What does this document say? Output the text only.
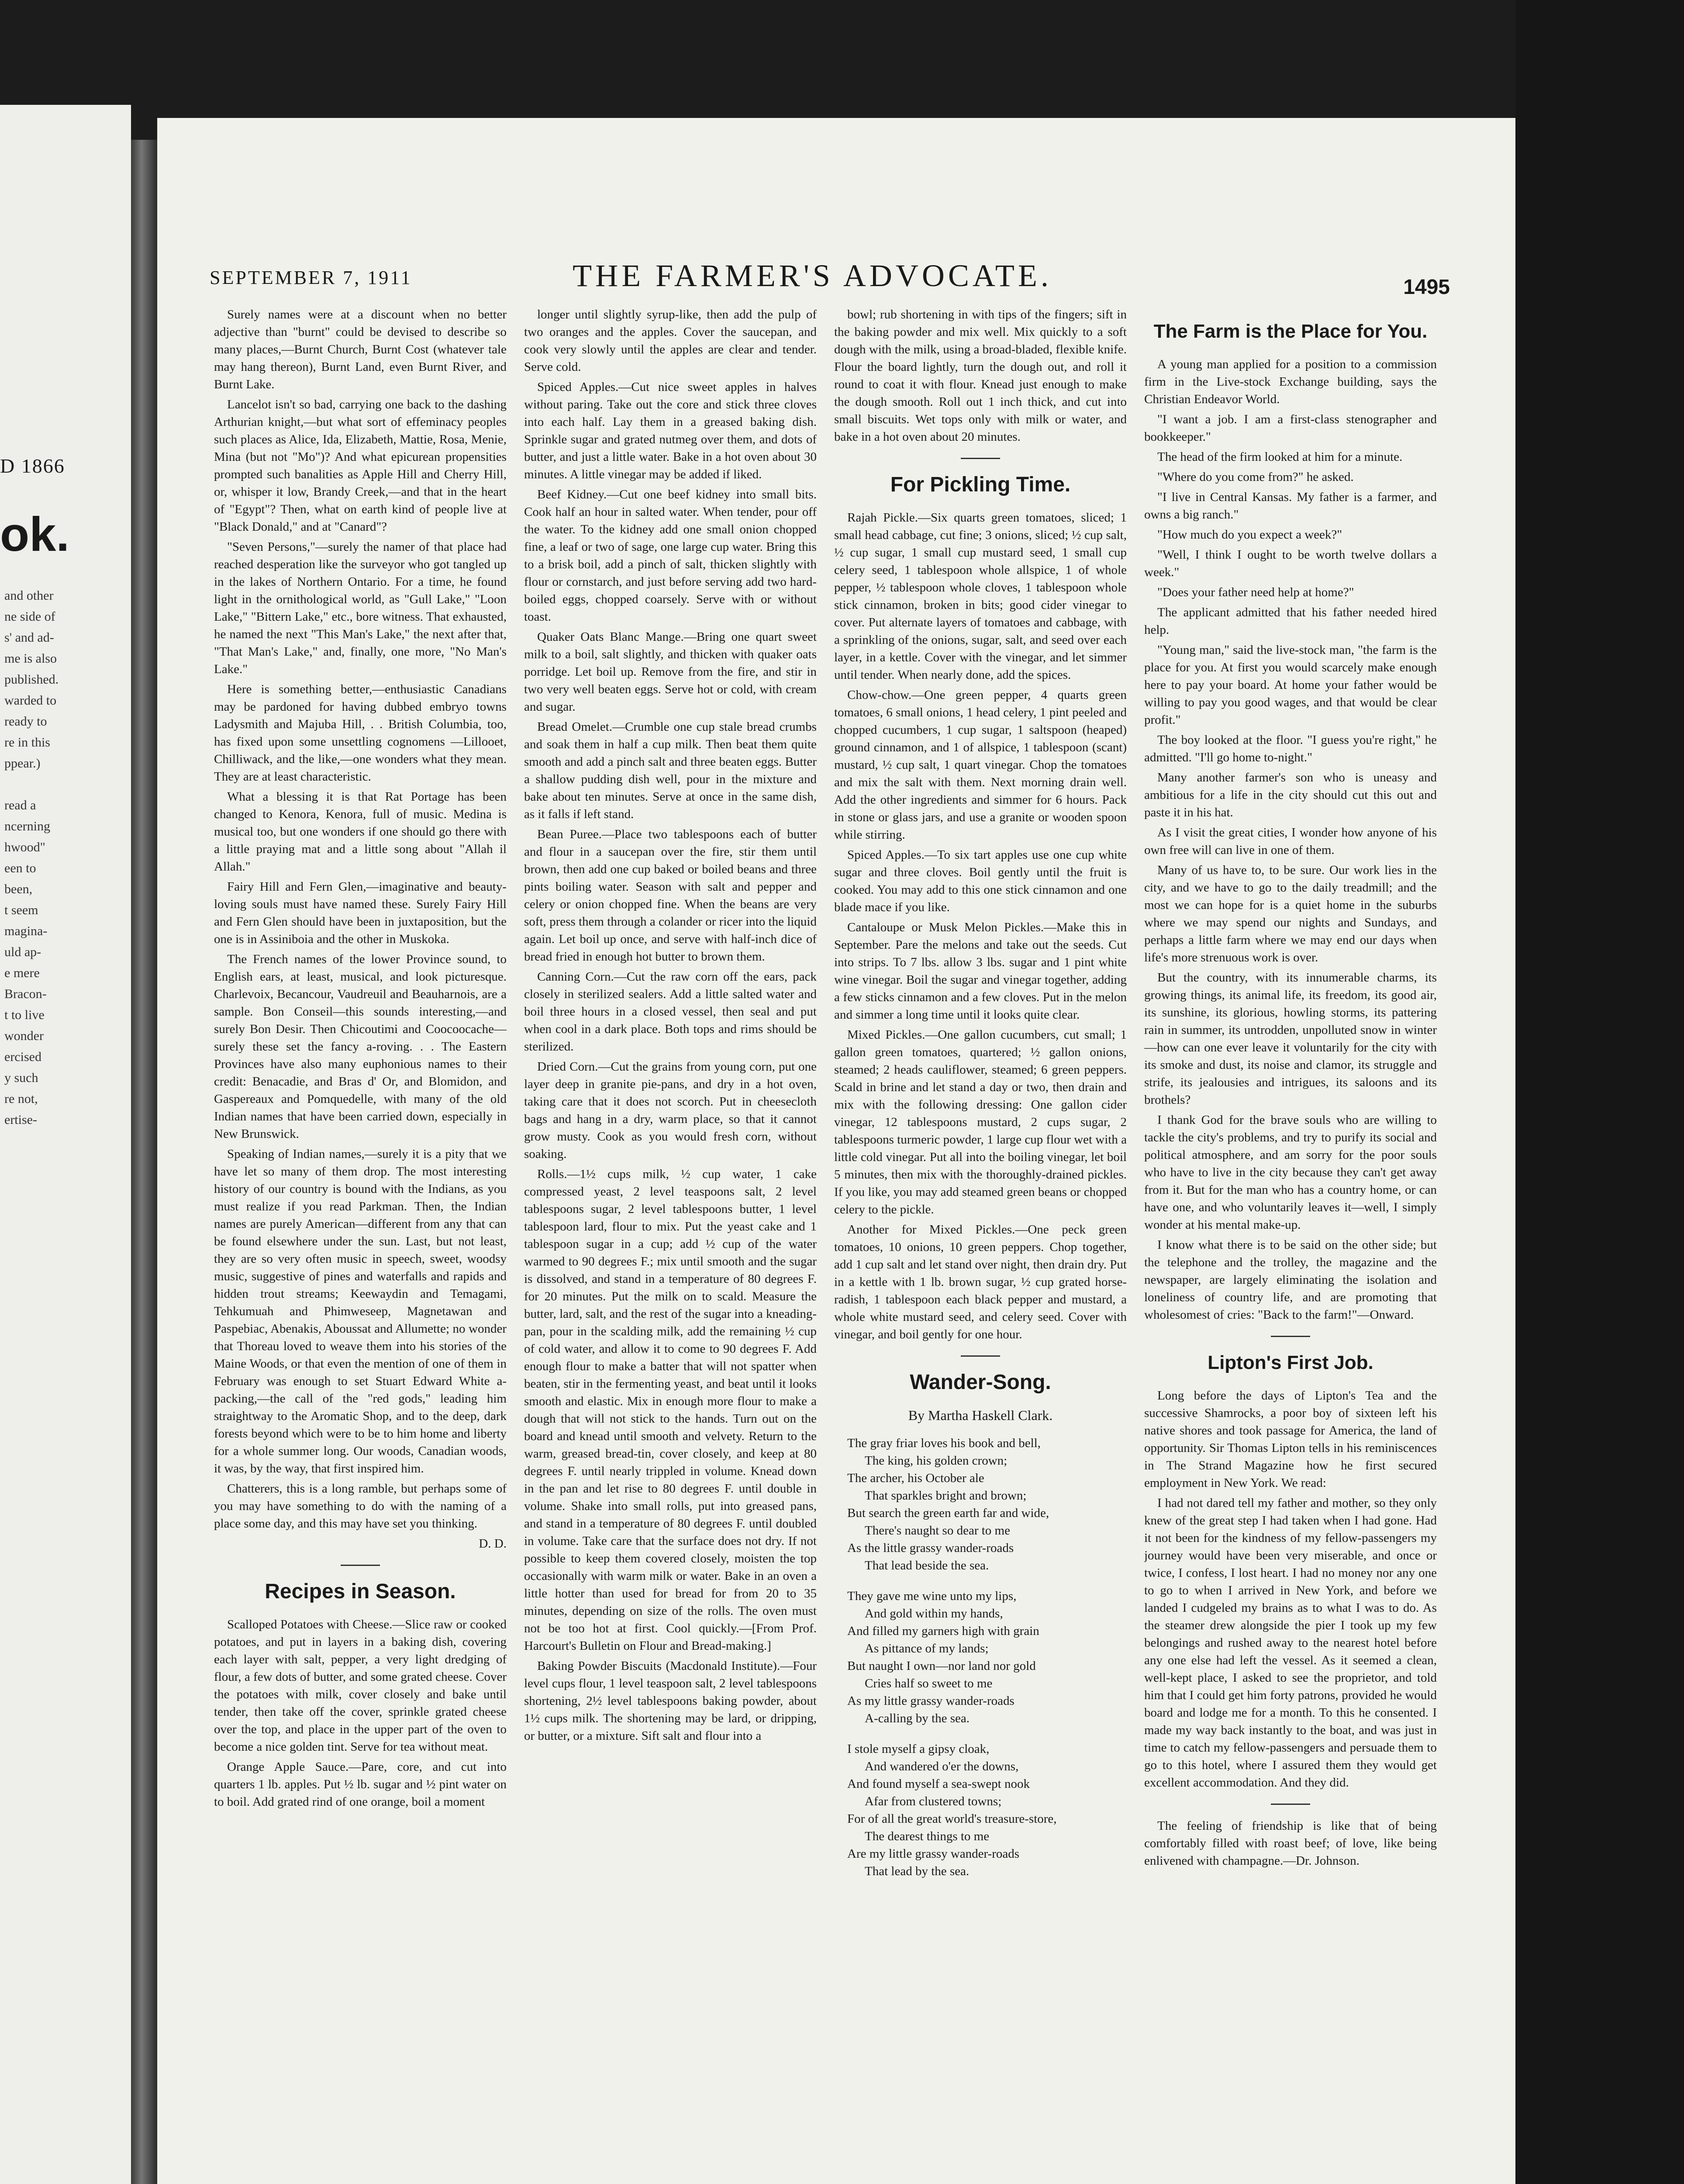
D 1866
ok.
and other
ne side of
s' and ad-
me is also
published.
warded to
ready to
re in this
ppear.)

read a
ncerning
hwood"
een to
been,
t seem
magina-
uld ap-
e mere
Bracon-
t to live
wonder
ercised
y such
re not,
ertise-
SEPTEMBER 7, 1911	THE FARMER'S ADVOCATE.	1495

Surely names were at a discount when no better adjective than "burnt" could be devised to describe so many places,—Burnt Church, Burnt Cost (whatever tale may hang thereon), Burnt Land, even Burnt River, and Burnt Lake.

Lancelot isn't so bad, carrying one back to the dashing Arthurian knight,—but what sort of effeminacy peoples such places as Alice, Ida, Elizabeth, Mattie, Rosa, Menie, Mina (but not "Mo")? And what epicurean propensities prompted such banalities as Apple Hill and Cherry Hill, or, whisper it low, Brandy Creek,—and that in the heart of "Egypt"? Then, what on earth kind of people live at "Black Donald," and at "Canard"?

"Seven Persons,"—surely the namer of that place had reached desperation like the surveyor who got tangled up in the lakes of Northern Ontario. For a time, he found light in the ornithological world, as "Gull Lake," "Loon Lake," "Bittern Lake," etc., bore witness. That exhausted, he named the next "This Man's Lake," the next after that, "That Man's Lake," and, finally, one more, "No Man's Lake."

Here is something better,—enthusiastic Canadians may be pardoned for having dubbed embryo towns Ladysmith and Majuba Hill, . . British Columbia, too, has fixed upon some unsettling cognomens —Lillooet, Chilliwack, and the like,—one wonders what they mean. They are at least characteristic.

What a blessing it is that Rat Portage has been changed to Kenora, Kenora, full of music. Medina is musical too, but one wonders if one should go there with a little praying mat and a little song about "Allah il Allah."

Fairy Hill and Fern Glen,—imaginative and beauty-loving souls must have named these. Surely Fairy Hill and Fern Glen should have been in juxtaposition, but the one is in Assiniboia and the other in Muskoka.

The French names of the lower Province sound, to English ears, at least, musical, and look picturesque. Charlevoix, Becancour, Vaudreuil and Beauharnois, are a sample. Bon Conseil—this sounds interesting,—and surely Bon Desir. Then Chicoutimi and Coocoocache—surely these set the fancy a-roving. . . The Eastern Provinces have also many euphonious names to their credit: Benacadie, and Bras d' Or, and Blomidon, and Gaspereaux and Pomquedelle, with many of the old Indian names that have been carried down, especially in New Brunswick.

Speaking of Indian names,—surely it is a pity that we have let so many of them drop. The most interesting history of our country is bound with the Indians, as you must realize if you read Parkman. Then, the Indian names are purely American—different from any that can be found elsewhere under the sun. Last, but not least, they are so very often music in speech, sweet, woodsy music, suggestive of pines and waterfalls and rapids and hidden trout streams; Keewaydin and Temagami, Tehkumuah and Phimweseep, Magnetawan and Paspebiac, Abenakis, Aboussat and Allumette; no wonder that Thoreau loved to weave them into his stories of the Maine Woods, or that even the mention of one of them in February was enough to set Stuart Edward White a-packing,—the call of the "red gods," leading him straightway to the Aromatic Shop, and to the deep, dark forests beyond which were to be to him home and liberty for a whole summer long. Our woods, Canadian woods, it was, by the way, that first inspired him.

Chatterers, this is a long ramble, but perhaps some of you may have something to do with the naming of a place some day, and this may have set you thinking.

D. D.
Recipes in Season.

Scalloped Potatoes with Cheese.—Slice raw or cooked potatoes, and put in layers in a baking dish, covering each layer with salt, pepper, a very light dredging of flour, a few dots of butter, and some grated cheese. Cover the potatoes with milk, cover closely and bake until tender, then take off the cover, sprinkle grated cheese over the top, and place in the upper part of the oven to become a nice golden tint. Serve for tea without meat.

Orange Apple Sauce.—Pare, core, and cut into quarters 1 lb. apples. Put ½ lb. sugar and ½ pint water on to boil. Add grated rind of one orange, boil a moment

longer until slightly syrup-like, then add the pulp of two oranges and the apples. Cover the saucepan, and cook very slowly until the apples are clear and tender. Serve cold.

Spiced Apples.—Cut nice sweet apples in halves without paring. Take out the core and stick three cloves into each half. Lay them in a greased baking dish. Sprinkle sugar and grated nutmeg over them, and dots of butter, and just a little water. Bake in a hot oven about 30 minutes. A little vinegar may be added if liked.

Beef Kidney.—Cut one beef kidney into small bits. Cook half an hour in salted water. When tender, pour off the water. To the kidney add one small onion chopped fine, a leaf or two of sage, one large cup water. Bring this to a brisk boil, add a pinch of salt, thicken slightly with flour or cornstarch, and just before serving add two hard-boiled eggs, chopped coarsely. Serve with or without toast.

Quaker Oats Blanc Mange.—Bring one quart sweet milk to a boil, salt slightly, and thicken with quaker oats porridge. Let boil up. Remove from the fire, and stir in two very well beaten eggs. Serve hot or cold, with cream and sugar.

Bread Omelet.—Crumble one cup stale bread crumbs and soak them in half a cup milk. Then beat them quite smooth and add a pinch salt and three beaten eggs. Butter a shallow pudding dish well, pour in the mixture and bake about ten minutes. Serve at once in the same dish, as it falls if left stand.

Bean Puree.—Place two tablespoons each of butter and flour in a saucepan over the fire, stir them until brown, then add one cup baked or boiled beans and three pints boiling water. Season with salt and pepper and celery or onion chopped fine. When the beans are very soft, press them through a colander or ricer into the liquid again. Let boil up once, and serve with half-inch dice of bread fried in enough hot butter to brown them.

Canning Corn.—Cut the raw corn off the ears, pack closely in sterilized sealers. Add a little salted water and boil three hours in a closed vessel, then seal and put when cool in a dark place. Both tops and rims should be sterilized.

Dried Corn.—Cut the grains from young corn, put one layer deep in granite pie-pans, and dry in a hot oven, taking care that it does not scorch. Put in cheesecloth bags and hang in a dry, warm place, so that it cannot grow musty. Cook as you would fresh corn, without soaking.

Rolls.—1½ cups milk, ½ cup water, 1 cake compressed yeast, 2 level teaspoons salt, 2 level tablespoons sugar, 2 level tablespoons butter, 1 level tablespoon lard, flour to mix. Put the yeast cake and 1 tablespoon sugar in a cup; add ½ cup of the water warmed to 90 degrees F.; mix until smooth and the sugar is dissolved, and stand in a temperature of 80 degrees F. for 20 minutes. Put the milk on to scald. Measure the butter, lard, salt, and the rest of the sugar into a kneading-pan, pour in the scalding milk, add the remaining ½ cup of cold water, and allow it to come to 90 degrees F. Add enough flour to make a batter that will not spatter when beaten, stir in the fermenting yeast, and beat until it looks smooth and elastic. Mix in enough more flour to make a dough that will not stick to the hands. Turn out on the board and knead until smooth and velvety. Return to the warm, greased bread-tin, cover closely, and keep at 80 degrees F. until nearly trippled in volume. Knead down in the pan and let rise to 80 degrees F. until double in volume. Shake into small rolls, put into greased pans, and stand in a temperature of 80 degrees F. until doubled in volume. Take care that the surface does not dry. If not possible to keep them covered closely, moisten the top occasionally with warm milk or water. Bake in an oven a little hotter than used for bread for from 20 to 35 minutes, depending on size of the rolls. The oven must not be too hot at first. Cool quickly.—[From Prof. Harcourt's Bulletin on Flour and Bread-making.]

Baking Powder Biscuits (Macdonald Institute).—Four level cups flour, 1 level teaspoon salt, 2 level tablespoons shortening, 2½ level tablespoons baking powder, about 1½ cups milk. The shortening may be lard, or dripping, or butter, or a mixture. Sift salt and flour into a

bowl; rub shortening in with tips of the fingers; sift in the baking powder and mix well. Mix quickly to a soft dough with the milk, using a broad-bladed, flexible knife. Flour the board lightly, turn the dough out, and roll it round to coat it with flour. Knead just enough to make the dough smooth. Roll out 1 inch thick, and cut into small biscuits. Wet tops only with milk or water, and bake in a hot oven about 20 minutes.

For Pickling Time.

Rajah Pickle.—Six quarts green tomatoes, sliced; 1 small head cabbage, cut fine; 3 onions, sliced; ½ cup salt, ½ cup sugar, 1 small cup mustard seed, 1 small cup celery seed, 1 tablespoon whole allspice, 1 of whole pepper, ½ tablespoon whole cloves, 1 tablespoon whole stick cinnamon, broken in bits; good cider vinegar to cover. Put alternate layers of tomatoes and cabbage, with a sprinkling of the onions, sugar, salt, and seed over each layer, in a kettle. Cover with the vinegar, and let simmer until tender. When nearly done, add the spices.

Chow-chow.—One green pepper, 4 quarts green tomatoes, 6 small onions, 1 head celery, 1 pint peeled and chopped cucumbers, 1 cup sugar, 1 saltspoon (heaped) ground cinnamon, and 1 of allspice, 1 tablespoon (scant) mustard, ½ cup salt, 1 quart vinegar. Chop the tomatoes and mix the salt with them. Next morning drain well. Add the other ingredients and simmer for 6 hours. Pack in stone or glass jars, and use a granite or wooden spoon while stirring.

Spiced Apples.—To six tart apples use one cup white sugar and three cloves. Boil gently until the fruit is cooked. You may add to this one stick cinnamon and one blade mace if you like.

Cantaloupe or Musk Melon Pickles.—Make this in September. Pare the melons and take out the seeds. Cut into strips. To 7 lbs. allow 3 lbs. sugar and 1 pint white wine vinegar. Boil the sugar and vinegar together, adding a few sticks cinnamon and a few cloves. Put in the melon and simmer a long time until it looks quite clear.

Mixed Pickles.—One gallon cucumbers, cut small; 1 gallon green tomatoes, quartered; ½ gallon onions, steamed; 2 heads cauliflower, steamed; 6 green peppers. Scald in brine and let stand a day or two, then drain and mix with the following dressing: One gallon cider vinegar, 12 tablespoons mustard, 2 cups sugar, 2 tablespoons turmeric powder, 1 large cup flour wet with a little cold vinegar. Put all into the boiling vinegar, let boil 5 minutes, then mix with the thoroughly-drained pickles. If you like, you may add steamed green beans or chopped celery to the pickle.

Another for Mixed Pickles.—One peck green tomatoes, 10 onions, 10 green peppers. Chop together, add 1 cup salt and let stand over night, then drain dry. Put in a kettle with 1 lb. brown sugar, ½ cup grated horse-radish, 1 tablespoon each black pepper and mustard, a whole white mustard seed, and celery seed. Cover with vinegar, and boil gently for one hour.

Wander-Song.
By Martha Haskell Clark.
The gray friar loves his book and bell,
The king, his golden crown;
The archer, his October ale
That sparkles bright and brown;
But search the green earth far and wide,
There's naught so dear to me
As the little grassy wander-roads
That lead beside the sea.
They gave me wine unto my lips,
And gold within my hands,
And filled my garners high with grain
As pittance of my lands;
But naught I own—nor land nor gold
Cries half so sweet to me
As my little grassy wander-roads
A-calling by the sea.
I stole myself a gipsy cloak,
And wandered o'er the downs,
And found myself a sea-swept nook
Afar from clustered towns;
For of all the great world's treasure-store,
The dearest things to me
Are my little grassy wander-roads
That lead by the sea.
The Farm is the Place for You.

A young man applied for a position to a commission firm in the Live-stock Exchange building, says the Christian Endeavor World.

"I want a job. I am a first-class stenographer and bookkeeper."

The head of the firm looked at him for a minute.

"Where do you come from?" he asked.

"I live in Central Kansas. My father is a farmer, and owns a big ranch."

"How much do you expect a week?"

"Well, I think I ought to be worth twelve dollars a week."

"Does your father need help at home?"

The applicant admitted that his father needed hired help.

"Young man," said the live-stock man, "the farm is the place for you. At first you would scarcely make enough here to pay your board. At home your father would be willing to pay you good wages, and that would be clear profit."

The boy looked at the floor. "I guess you're right," he admitted. "I'll go home to-night."

Many another farmer's son who is uneasy and ambitious for a life in the city should cut this out and paste it in his hat.

As I visit the great cities, I wonder how anyone of his own free will can live in one of them.

Many of us have to, to be sure. Our work lies in the city, and we have to go to the daily treadmill; and the most we can hope for is a quiet home in the suburbs where we may spend our nights and Sundays, and perhaps a little farm where we may end our days when life's more strenuous work is over.

But the country, with its innumerable charms, its growing things, its animal life, its freedom, its good air, its sunshine, its glorious, howling storms, its pattering rain in summer, its untrodden, unpolluted snow in winter—how can one ever leave it voluntarily for the city with its smoke and dust, its noise and clamor, its struggle and strife, its jealousies and intrigues, its saloons and its brothels?

I thank God for the brave souls who are willing to tackle the city's problems, and try to purify its social and political atmosphere, and am sorry for the poor souls who have to live in the city because they can't get away from it. But for the man who has a country home, or can have one, and who voluntarily leaves it—well, I simply wonder at his mental make-up.

I know what there is to be said on the other side; but the telephone and the trolley, the magazine and the newspaper, are largely eliminating the isolation and loneliness of country life, and are promoting that wholesomest of cries: "Back to the farm!"—Onward.

Lipton's First Job.

Long before the days of Lipton's Tea and the successive Shamrocks, a poor boy of sixteen left his native shores and took passage for America, the land of opportunity. Sir Thomas Lipton tells in his reminiscences in The Strand Magazine how he first secured employment in New York. We read:

I had not dared tell my father and mother, so they only knew of the great step I had taken when I had gone. Had it not been for the kindness of my fellow-passengers my journey would have been very miserable, and once or twice, I confess, I lost heart. I had no money nor any one to go to when I arrived in New York, and before we landed I cudgeled my brains as to what I was to do. As the steamer drew alongside the pier I took up my few belongings and rushed away to the nearest hotel before any one else had left the vessel. As it seemed a clean, well-kept place, I asked to see the proprietor, and told him that I could get him forty patrons, provided he would board and lodge me for a month. To this he consented. I made my way back instantly to the boat, and was just in time to catch my fellow-passengers and persuade them to go to this hotel, where I assured them they would get excellent accommodation. And they did.

The feeling of friendship is like that of being comfortably filled with roast beef; of love, like being enlivened with champagne.—Dr. Johnson.
